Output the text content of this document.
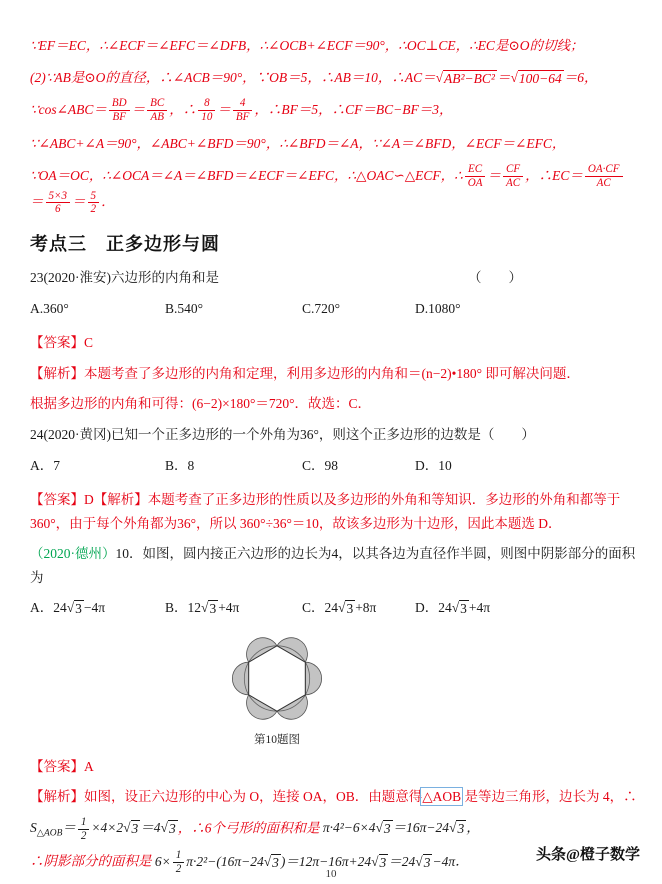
∵EF＝EC，∴∠ECF＝∠EFC＝∠DFB，∴∠OCB+∠ECF＝90°，∴OC⊥CE，∴EC是⊙O的切线；
(2)∵AB是⊙O的直径，∴∠ACB＝90°，∵OB＝5，∴AB＝10，∴AC＝ √ AB²−BC² ＝ √ 100−64 ＝6，
∵cos∠ABC＝ $\frac{BD}{BF} = \frac{BC}{AB}$ ，∴ $\frac{8}{10} = \frac{4}{BF}$ ，∴BF＝5，∴CF＝BC−BF＝3，
∵∠ABC+∠A＝90°，∠ABC+∠BFD＝90°，∴∠BFD＝∠A，∵∠A＝∠BFD，∠ECF＝∠EFC，
∵OA＝OC，∴∠OCA＝∠A＝∠BFD＝∠ECF＝∠EFC，∴△OAC∽△ECF，∴ $\frac{EC}{OA} = \frac{CF}{AC}$ ，∴EC＝ $\frac{OA\cdot CF}{AC}$
＝ $\frac{5\times 3}{6} = \frac{5}{2}$ ．
考点三　正多边形与圆
23(2020·淮安)六边形的内角和是	（　　）
A.360°	B.540°	C.720°	D.1080°
【答案】C
【解析】本题考查了多边形的内角和定理，利用多边形的内角和＝(n−2)•180° 即可解决问题．
根据多边形的内角和可得：(6−2)×180°＝720°．故选：C．
24(2020·黄冈)已知一个正多边形的一个外角为36°，则这个正多边形的边数是（　　）
A．7	B．8	C．98	D．10
【答案】D【解析】本题考查了正多边形的性质以及多边形的外角和等知识．多边形的外角和都等于 360°，由于每个外角都为36°，所以 360°÷36°＝10，故该多边形为十边形，因此本题选 D．
（2020·德州）10．如图，圆内接正六边形的边长为4，以其各边为直径作半圆，则图中阴影部分的面积为
A．24 √ 3 −4π	B．12 √ 3 +4π	C．24 √ 3 +8π	D．24 √ 3 +4π
第10题图
【答案】A
【解析】如图，设正六边形的中心为 O，连接 OA，OB．由题意得△AOB 是等边三角形，边长为 4，∴
$S_{\triangle AOB}= \frac{1}{2} \times 4\times 2$ √ 3 ＝4 √ 3 ，∴6个弓形的面积和是 π·4²−6×4 √ 3 ＝16π−24 √ 3 ，
∴阴影部分的面积是 $6\times \frac{1}{2} \pi\cdot 2^2-(16\pi-24$ √ 3 )＝12π−16π+24 √ 3 ＝24 √ 3 −4π．	头条@橙子数学
10
